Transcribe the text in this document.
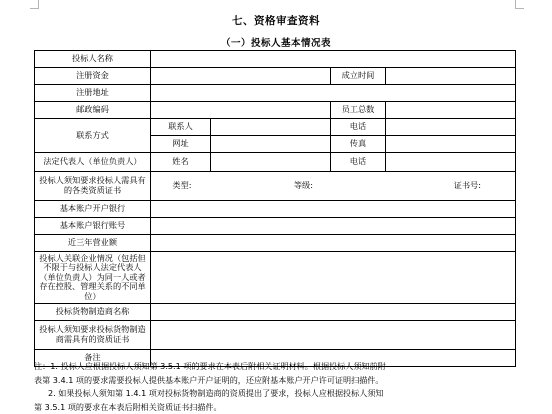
七、资格审查资料
（一）投标人基本情况表
投标人名称				
注册资金			成立时间	
注册地址				
邮政编码			员工总数	
联系方式	联系人		电话	
	网址		传真	
法定代表人（单位负责人）	姓名		电话	
投标人须知要求投标人需具有的各类资质证书	类型: 等级: 证书号:			

基本账户开户银行				
基本账户银行账号				
近三年营业额				
投标人关联企业情况（包括但不限于与投标人法定代表人（单位负责人）为同一人或者存在控股、管理关系的不同单位）				
投标货物制造商名称				
投标人须知要求投标货物制造商需具有的资质证书				
备注				
注：1. 投标人应根据投标人须知第 3.5.1 项的要求在本表后附相关证明材料。根据投标人须知前附
表第 3.4.1 项的要求需要投标人提供基本账户开户证明的，还应附基本账户开户许可证明扫描件。
2. 如果投标人须知第 1.4.1 项对投标货物制造商的资质提出了要求，投标人应根据投标人须知
第 3.5.1 项的要求在本表后附相关资质证书扫描件。
